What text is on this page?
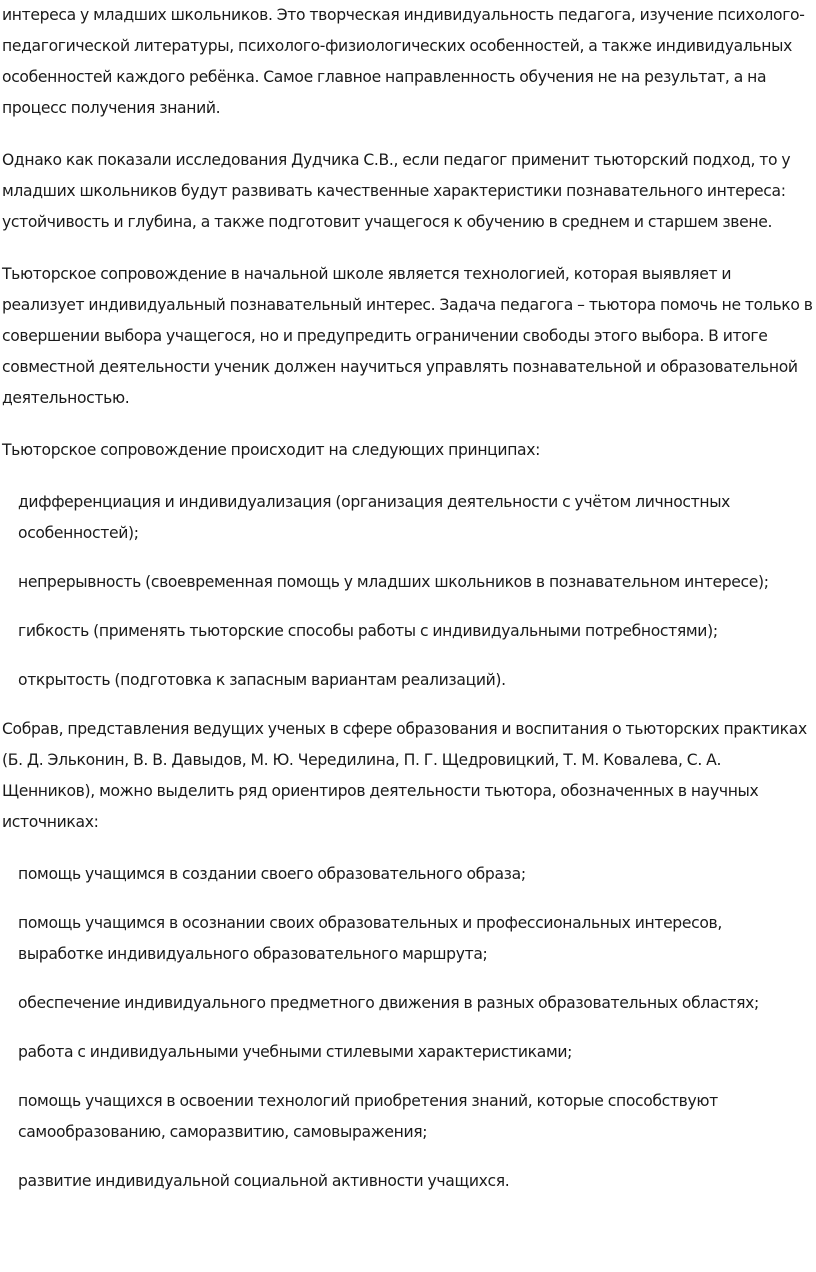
интереса у младших школьников. Это творческая индивидуальность педагога, изучение психолого-педагогической литературы, психолого-физиологических особенностей, а также индивидуальных особенностей каждого ребёнка. Самое главное направленность обучения не на результат, а на процесс получения знаний.

Однако как показали исследования Дудчика С.В., если педагог применит тьюторский подход, то у младших школьников будут развивать качественные характеристики познавательного интереса: устойчивость и глубина, а также подготовит учащегося к обучению в среднем и старшем звене.

Тьюторское сопровождение в начальной школе является технологией, которая выявляет и реализует индивидуальный познавательный интерес. Задача педагога – тьютора помочь не только в совершении выбора учащегося, но и предупредить ограничении свободы этого выбора. В итоге совместной деятельности ученик должен научиться управлять познавательной и образовательной деятельностью.

Тьюторское сопровождение происходит на следующих принципах:

дифференциация и индивидуализация (организация деятельности с учётом личностных особенностей);
непрерывность (своевременная помощь у младших школьников в познавательном интересе);
гибкость (применять тьюторские способы работы с индивидуальными потребностями);
открытость (подготовка к запасным вариантам реализаций).

Собрав, представления ведущих ученых в сфере образования и воспитания о тьюторских практиках (Б. Д. Эльконин, В. В. Давыдов, М. Ю. Чередилина, П. Г. Щедровицкий, Т. М. Ковалева, С. А. Щенников), можно выделить ряд ориентиров деятельности тьютора, обозначенных в научных источниках:

помощь учащимся в создании своего образовательного образа;
помощь учащимся в осознании своих образовательных и профессиональных интересов, выработке индивидуального образовательного маршрута;
обеспечение индивидуального предметного движения в разных образовательных областях;
работа с индивидуальными учебными стилевыми характеристиками;
помощь учащихся в освоении технологий приобретения знаний, которые способствуют самообразованию, саморазвитию, самовыражения;
развитие индивидуальной социальной активности учащихся.
